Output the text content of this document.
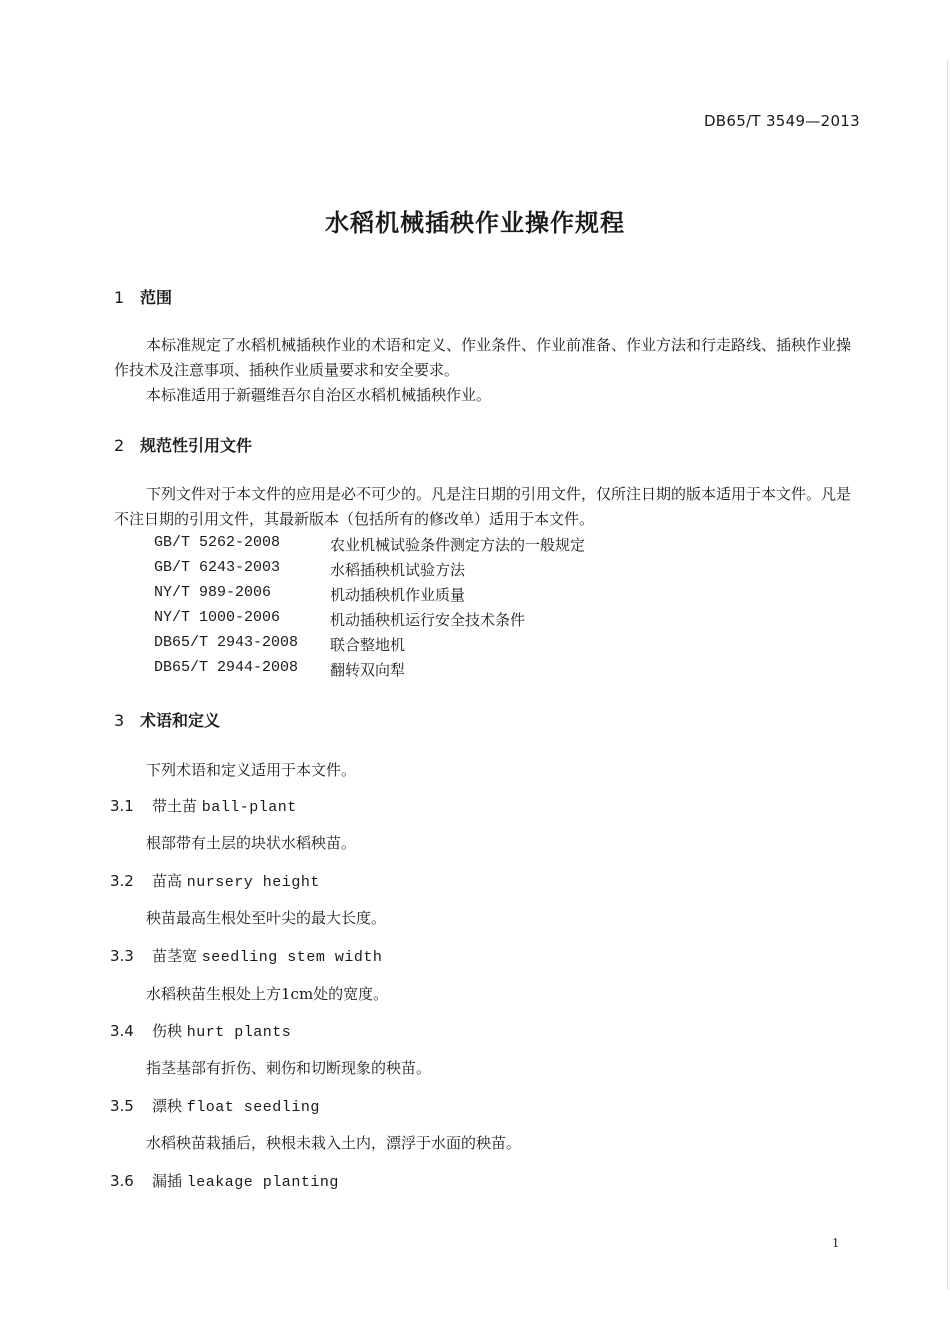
DB65/T 3549—2013
水稻机械插秧作业操作规程
1 范围
本标准规定了水稻机械插秧作业的术语和定义、作业条件、作业前准备、作业方法和行走路线、插秧作业操作技术及注意事项、插秧作业质量要求和安全要求。
本标准适用于新疆维吾尔自治区水稻机械插秧作业。
2 规范性引用文件
下列文件对于本文件的应用是必不可少的。凡是注日期的引用文件，仅所注日期的版本适用于本文件。凡是不注日期的引用文件，其最新版本（包括所有的修改单）适用于本文件。
GB/T 5262-2008	农业机械试验条件测定方法的一般规定
GB/T 6243-2003	水稻插秧机试验方法
NY/T 989-2006	机动插秧机作业质量
NY/T 1000-2006	机动插秧机运行安全技术条件
DB65/T 2943-2008 联合整地机
DB65/T 2944-2008 翻转双向犁
3 术语和定义
下列术语和定义适用于本文件。
3.1 带土苗 ball-plant
根部带有土层的块状水稻秧苗。
3.2 苗高 nursery height
秧苗最高生根处至叶尖的最大长度。
3.3 苗茎宽 seedling stem width
水稻秧苗生根处上方1cm处的宽度。
3.4 伤秧 hurt plants
指茎基部有折伤、刺伤和切断现象的秧苗。
3.5 漂秧 float seedling
水稻秧苗栽插后，秧根未栽入土内，漂浮于水面的秧苗。
3.6 漏插 leakage planting
1
